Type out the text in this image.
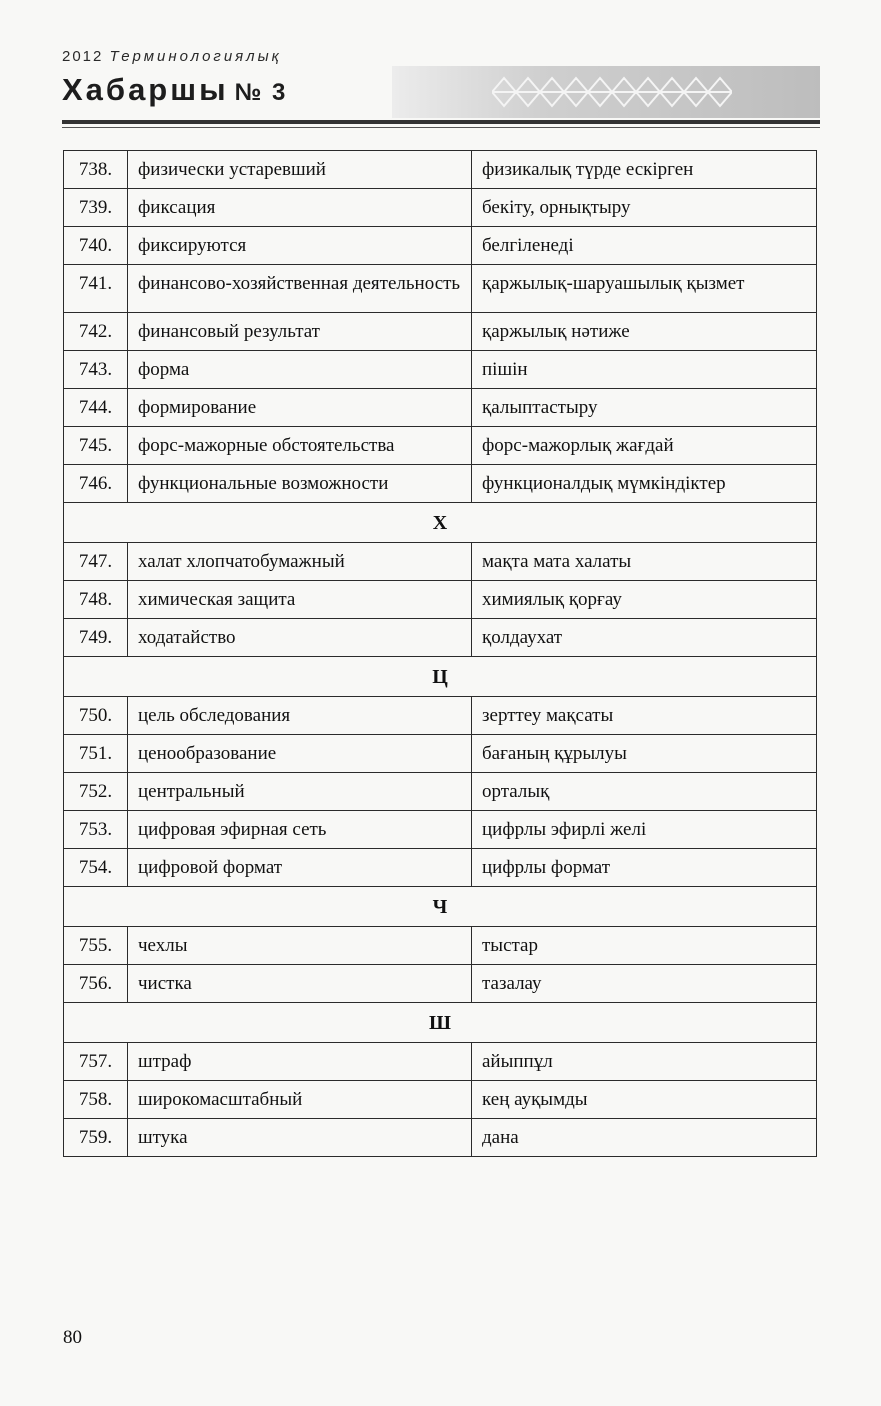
2012 Терминологиялық
Хабаршы № 3
738.	физически устаревший	физикалық түрде ескірген
739.	фиксация	бекіту, орнықтыру
740.	фиксируются	белгіленеді
741.	финансово-хозяйственная деятельность	қаржылық-шаруашылық қызмет
742.	финансовый результат	қаржылық нәтиже
743.	форма	пішін
744.	формирование	қалыптастыру
745.	форс-мажорные обстоятельства	форс-мажорлық жағдай
746.	функциональные возможности	функционалдық мүмкіндіктер
Х		
747.	халат хлопчатобумажный	мақта мата халаты
748.	химическая защита	химиялық қорғау
749.	ходатайство	қолдаухат
Ц		
750.	цель обследования	зерттеу мақсаты
751.	ценообразование	бағаның құрылуы
752.	центральный	орталық
753.	цифровая эфирная сеть	цифрлы эфирлі желі
754.	цифровой формат	цифрлы формат
Ч		
755.	чехлы	тыстар
756.	чистка	тазалау
Ш		
757.	штраф	айыппұл
758.	широкомасштабный	кең ауқымды
759.	штука	дана
80
